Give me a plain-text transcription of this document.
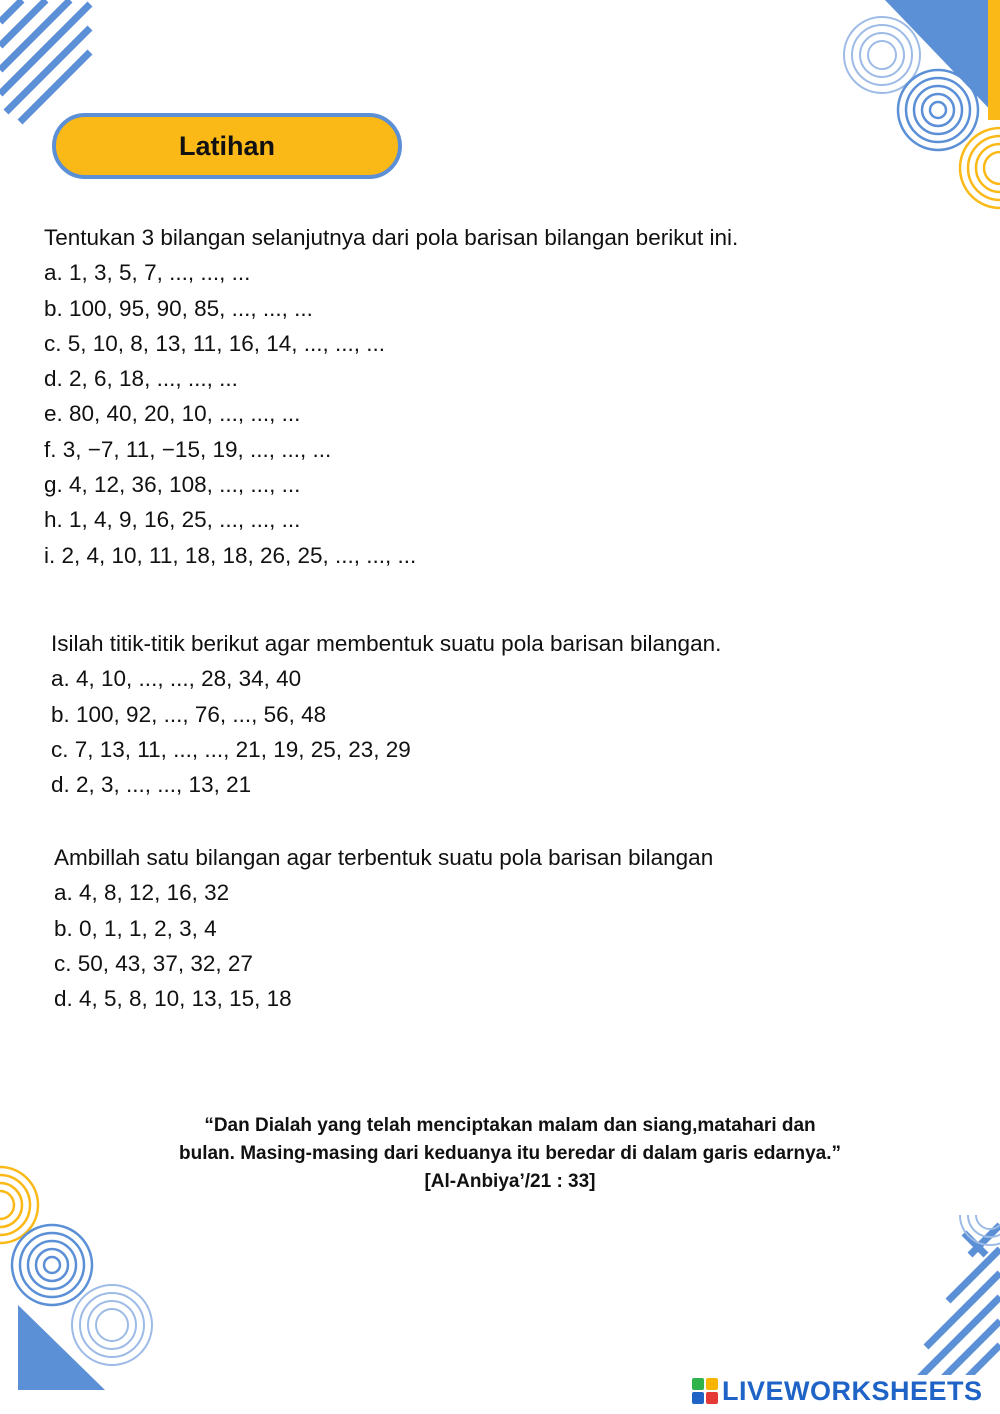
Latihan
Tentukan 3 bilangan selanjutnya dari pola barisan bilangan berikut ini.
a. 1, 3, 5, 7, ..., ..., ...
b. 100, 95, 90, 85, ..., ..., ...
c. 5, 10, 8, 13, 11, 16, 14, ..., ..., ...
d. 2, 6, 18, ..., ..., ...
e. 80, 40, 20, 10, ..., ..., ...
f. 3, −7, 11, −15, 19, ..., ..., ...
g. 4, 12, 36, 108, ..., ..., ...
h. 1, 4, 9, 16, 25, ..., ..., ...
i. 2, 4, 10, 11, 18, 18, 26, 25, ..., ..., ...
Isilah titik-titik berikut agar membentuk suatu pola barisan bilangan.
a. 4, 10, ..., ..., 28, 34, 40
b. 100, 92, ..., 76, ..., 56, 48
c. 7, 13, 11, ..., ..., 21, 19, 25, 23, 29
d. 2, 3, ..., ..., 13, 21
Ambillah satu bilangan agar terbentuk suatu pola barisan bilangan
a. 4, 8, 12, 16, 32
b. 0, 1, 1, 2, 3, 4
c. 50, 43, 37, 32, 27
d. 4, 5, 8, 10, 13, 15, 18
“Dan Dialah yang telah menciptakan malam dan siang,matahari dan
bulan. Masing-masing dari keduanya itu beredar di dalam garis edarnya.”
[Al-Anbiya’/21 : 33]
LIVEWORKSHEETS
